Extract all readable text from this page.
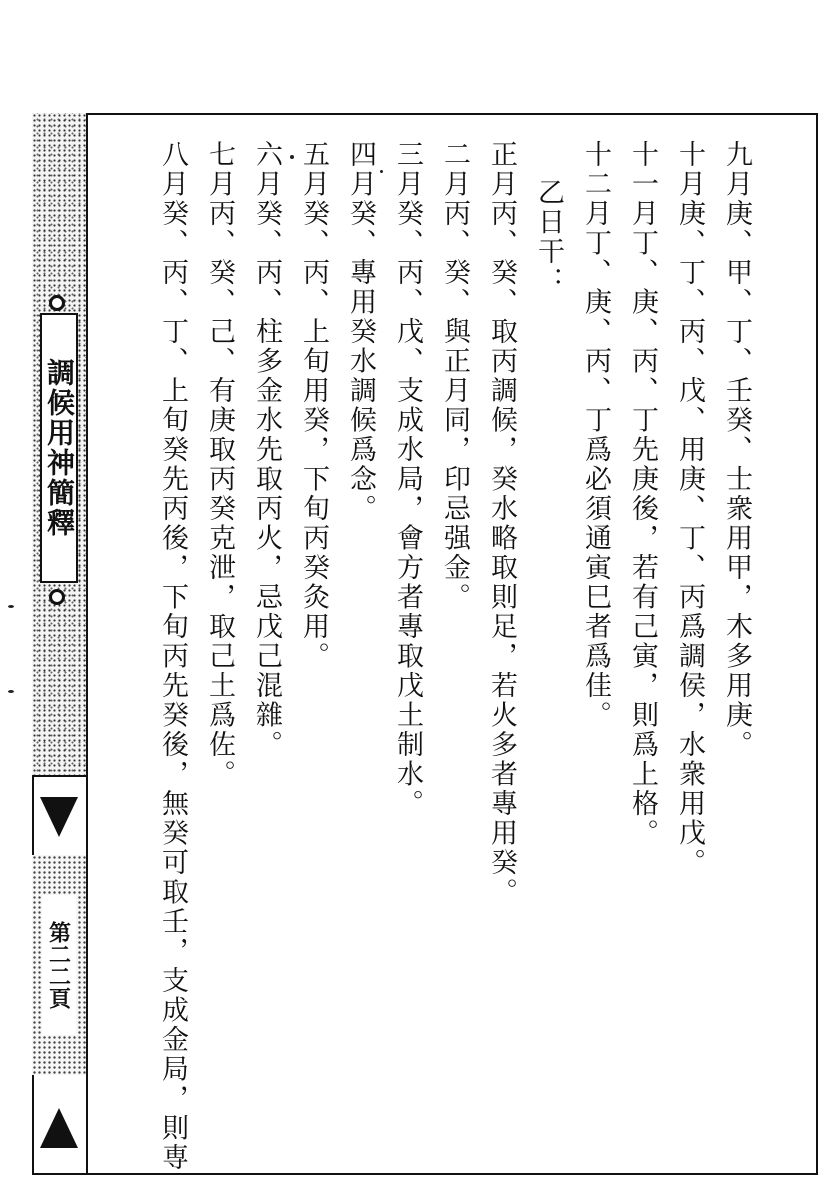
調候用神簡釋
第二二頁
九月庚、甲、丁、壬癸、士衆用甲，木多用庚。
十月庚、丁、丙、戊、用庚、丁、丙爲調侯，水衆用戊。
十一月丁、庚、丙、丁先庚後，若有己寅，則爲上格。
十二月丁、庚、丙、丁爲必須通寅巳者爲佳。
乙日干：
正月丙、癸、取丙調候，癸水略取則足，若火多者專用癸。
二月丙、癸、與正月同，印忌强金。
三月癸、丙、戊、支成水局，會方者專取戊土制水。
四月癸、專用癸水調候爲念。
五月癸、丙、上旬用癸，下旬丙癸灸用。
六月癸、丙、柱多金水先取丙火，忌戊己混雜。
七月丙、癸、己、有庚取丙癸克泄，取己土爲佐。
八月癸、丙、丁、上旬癸先丙後，下旬丙先癸後，無癸可取壬，支成金局，則専
